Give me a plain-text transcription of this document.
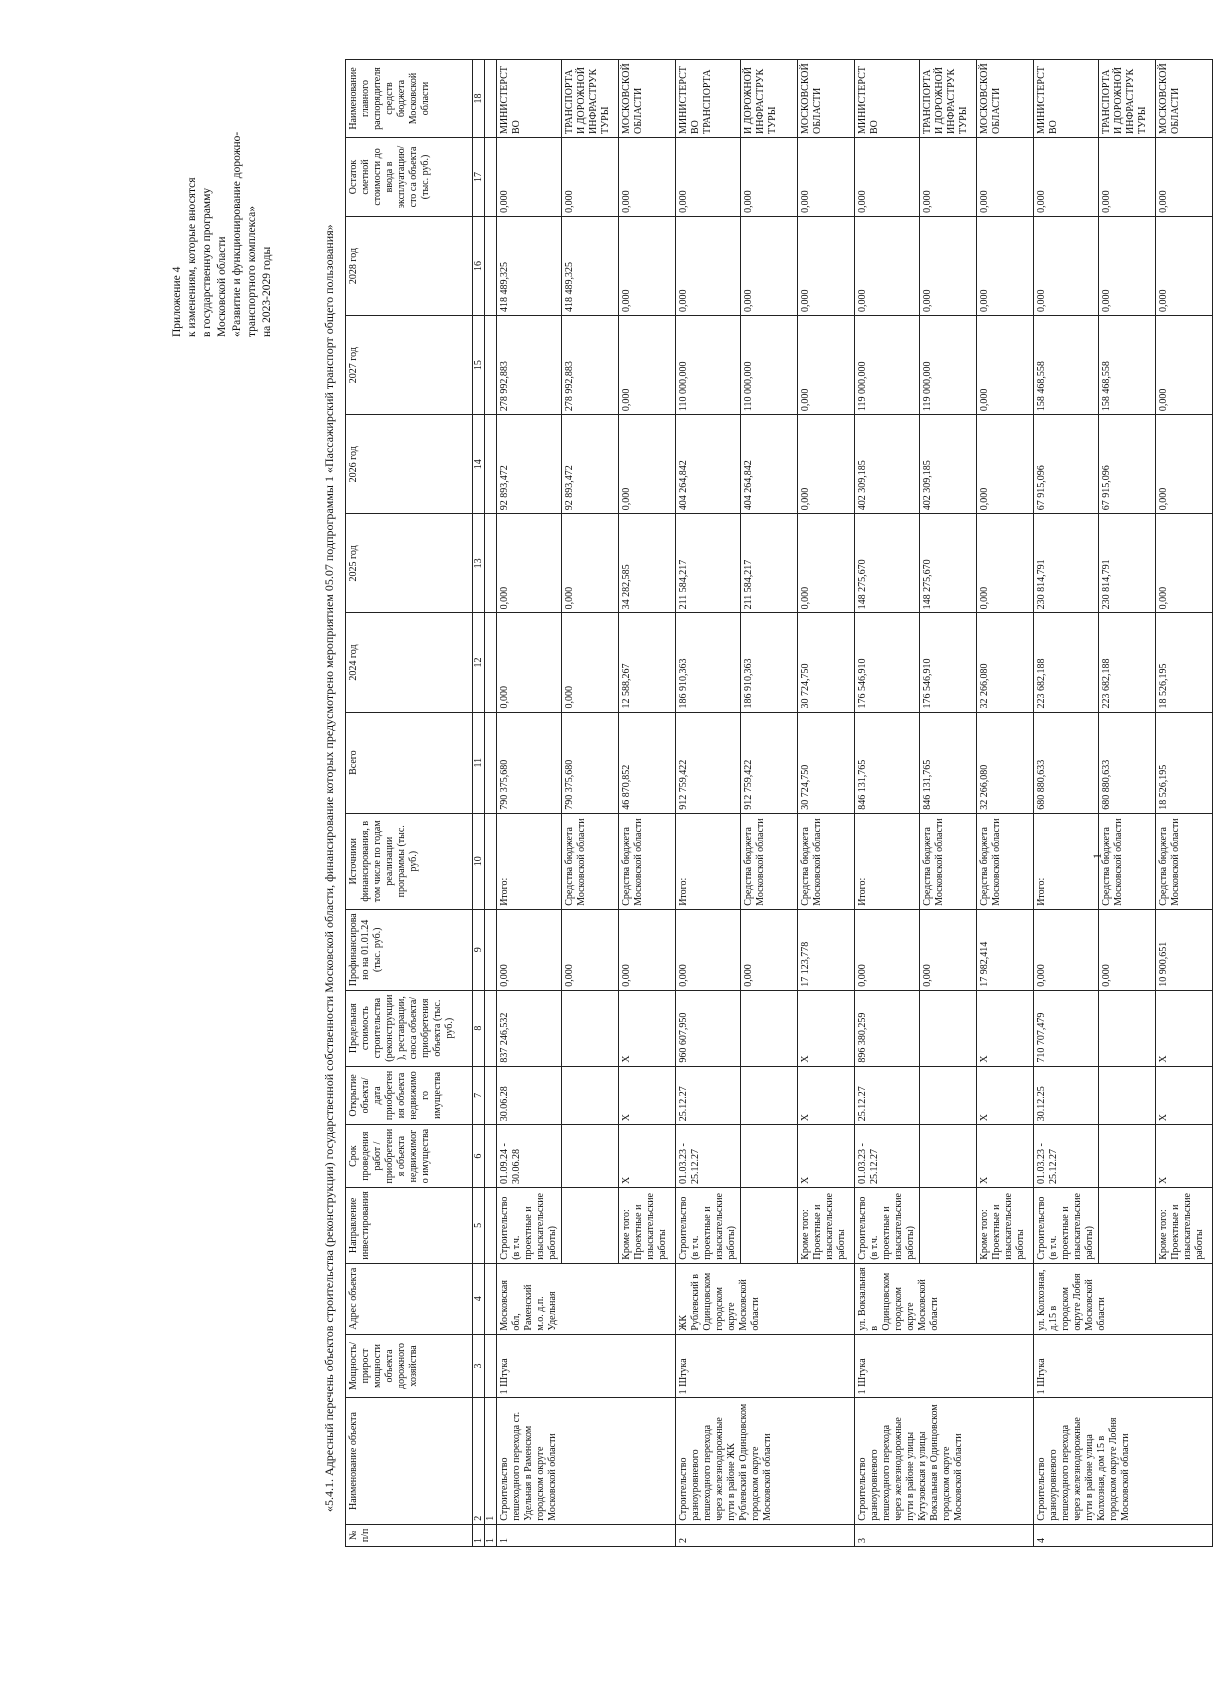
Приложение 4 к изменениям, которые вносятся в государственную программу Московской области «Развитие и функционирование дорожно- транспортного комплекса» на 2023-2029 годы	«5.4.1. Адресный перечень объектов строительства (реконструкции) государственной собственности Московской области, финансирование которых предусмотрено мероприятием 05.07 подпрограммы 1 «Пассажирский транспорт общего пользования»
№ п/п	Наименование объекта	Мощность/ прирост мощности объекта дорожного хозяйства	Адрес объекта	Направление инвестирования	Срок проведения работ / приобретения объекта недвижимого имущества	Открытие объекта/дата приобретения объекта недвижимого имущества	Предельная стоимость строительства (реконструкции), реставрации, сноса объекта/приобретения объекта (тыс. руб.)	Профинансировано на 01.01.24 (тыс. руб.)	Источники финансирования, в том числе по годам реализации программы (тыс. руб.)	Всего	2024 год	2025 год	2026 год	2027 год	2028 год	Остаток сметной стоимости до ввода в эксплуатацию/сто са объекта (тыс. руб.)	Наименование главного распорядителя средств бюджета Московской области
1	2	3	4	5	6	7	8	9	10	11	12	13	14	15	16	17	18
1	1																
1	Строительство пешеходного перехода ст. Удельная в Раменском городском округе Московской области	1 Штука	Московская обл, Раменский м.о. д.п. Удельная	Строительство (в т.ч. проектные и изыскательские работы)	01.09.24 - 30.06.28	30.06.28	837 246,532	0,000	Итого:	790 375,680	0,000	0,000	92 893,472	278 992,883	418 489,325	0,000	МИНИСТЕРСТВО
								0,000	Средства бюджета Московской области	790 375,680	0,000	0,000	92 893,472	278 992,883	418 489,325	0,000	ТРАНСПОРТА И ДОРОЖНОЙ ИНФРАСТРУКТУРЫ
				Кроме того: Проектные и изыскательские работы	X	X	X	0,000	Средства бюджета Московской области	46 870,852	12 588,267	34 282,585	0,000	0,000	0,000	0,000	МОСКОВСКОЙ ОБЛАСТИ
2	Строительство разноуровневого пешеходного перехода через железнодорожные пути в районе ЖК Рублевский в Одинцовском городском округе Московской области	1 Штука	ЖК Рублевский в Одинцовском городском округе Московской области	Строительство (в т.ч. проектные и изыскательские работы)	01.03.23 - 25.12.27	25.12.27	960 607,950	0,000	Итого:	912 759,422	186 910,363	211 584,217	404 264,842	110 000,000	0,000	0,000	МИНИСТЕРСТВО ТРАНСПОРТА
								0,000	Средства бюджета Московской области	912 759,422	186 910,363	211 584,217	404 264,842	110 000,000	0,000	0,000	И ДОРОЖНОЙ ИНФРАСТРУКТУРЫ
				Кроме того: Проектные и изыскательские работы	X	X	X	17 123,778	Средства бюджета Московской области	30 724,750	30 724,750	0,000	0,000	0,000	0,000	0,000	МОСКОВСКОЙ ОБЛАСТИ
3	Строительство разноуровневого пешеходного перехода через железнодорожные пути в районе улицы Кутузовская и улицы Вокзальная в Одинцовском городском округе Московской области	1 Штука	ул. Вокзальная в Одинцовском городском округе Московской области	Строительство (в т.ч. проектные и изыскательские работы)	01.03.23 - 25.12.27	25.12.27	896 380,259	0,000	Итого:	846 131,765	176 546,910	148 275,670	402 309,185	119 000,000	0,000	0,000	МИНИСТЕРСТВО
								0,000	Средства бюджета Московской области	846 131,765	176 546,910	148 275,670	402 309,185	119 000,000	0,000	0,000	ТРАНСПОРТА И ДОРОЖНОЙ ИНФРАСТРУКТУРЫ
				Кроме того: Проектные и изыскательские работы	X	X	X	17 982,414	Средства бюджета Московской области	32 266,080	32 266,080	0,000	0,000	0,000	0,000	0,000	МОСКОВСКОЙ ОБЛАСТИ
4	Строительство разноуровневого пешеходного перехода через железнодорожные пути в районе улица Колхозная, дом 15 в городском округе Лобня Московской области	1 Штука	ул. Колхозная, д.15 в городском округе Лобня Московской области	Строительство (в т.ч. проектные и изыскательские работы)	01.03.23 - 25.12.27	30.12.25	710 707,479	0,000	Итого:	680 880,633	223 682,188	230 814,791	67 915,096	158 468,558	0,000	0,000	МИНИСТЕРСТВО
								0,000	Средства бюджета Московской области	680 880,633	223 682,188	230 814,791	67 915,096	158 468,558	0,000	0,000	ТРАНСПОРТА И ДОРОЖНОЙ ИНФРАСТРУКТУРЫ
				Кроме того: Проектные и изыскательские работы	X	X	X	10 900,651	Средства бюджета Московской области	18 526,195	18 526,195	0,000	0,000	0,000	0,000	0,000	МОСКОВСКОЙ ОБЛАСТИ
1
